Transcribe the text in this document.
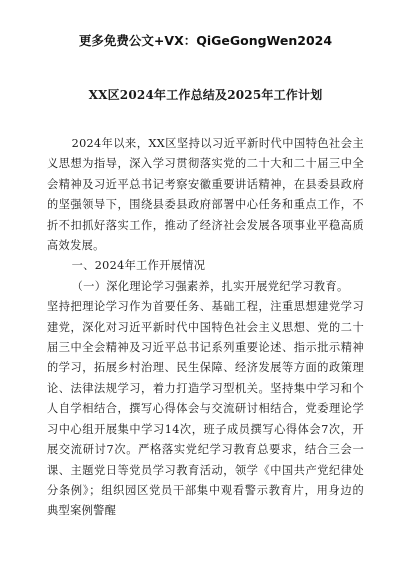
更多免费公文+VX：QiGeGongWen2024
XX区2024年工作总结及2025年工作计划

2024年以来，XX区坚持以习近平新时代中国特色社会主义思想为指导，深入学习贯彻落实党的二十大和二十届三中全会精神及习近平总书记考察安徽重要讲话精神，在县委县政府的坚强领导下，围绕县委县政府部署中心任务和重点工作，不折不扣抓好落实工作，推动了经济社会发展各项事业平稳高质高效发展。

一、2024年工作开展情况

（一）深化理论学习强素养，扎实开展党纪学习教育。

坚持把理论学习作为首要任务、基础工程，注重思想建党学习建党，深化对习近平新时代中国特色社会主义思想、党的二十届三中全会精神及习近平总书记系列重要论述、指示批示精神的学习，拓展乡村治理、民生保障、经济发展等方面的政策理论、法律法规学习，着力打造学习型机关。坚持集中学习和个人自学相结合，撰写心得体会与交流研讨相结合，党委理论学习中心组开展集中学习14次，班子成员撰写心得体会7次，开展交流研讨7次。严格落实党纪学习教育总要求，结合三会一课、主题党日等党员学习教育活动，领学《中国共产党纪律处分条例》；组织园区党员干部集中观看警示教育片，用身边的典型案例警醒
